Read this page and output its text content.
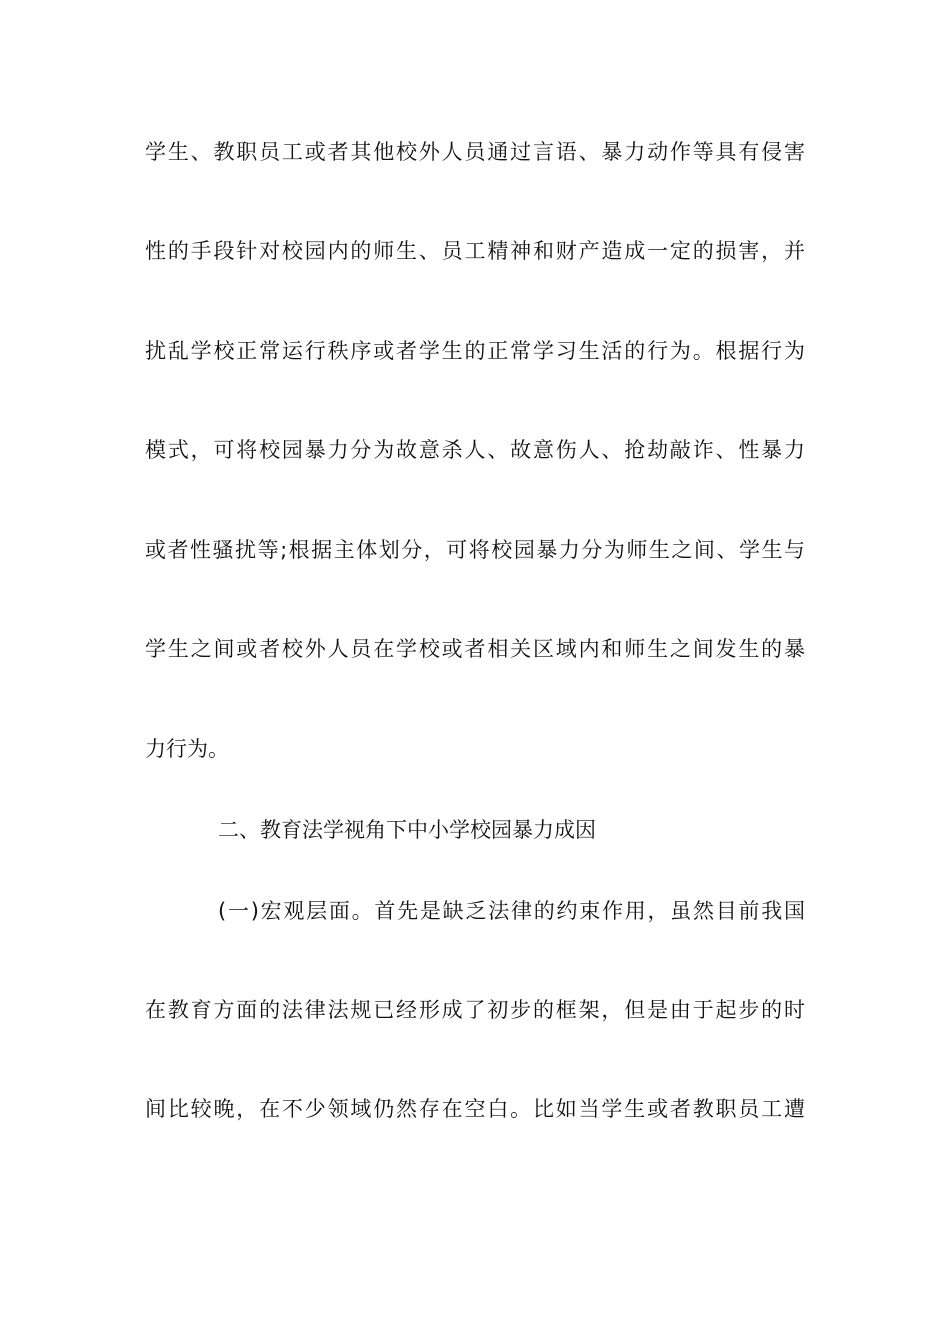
学生、教职员工或者其他校外人员通过言语、暴力动作等具有侵害
性的手段针对校园内的师生、员工精神和财产造成一定的损害，并
扰乱学校正常运行秩序或者学生的正常学习生活的行为。根据行为
模式，可将校园暴力分为故意杀人、故意伤人、抢劫敲诈、性暴力
或者性骚扰等;根据主体划分，可将校园暴力分为师生之间、学生与
学生之间或者校外人员在学校或者相关区域内和师生之间发生的暴
力行为。
二、教育法学视角下中小学校园暴力成因
(一)宏观层面。首先是缺乏法律的约束作用，虽然目前我国
在教育方面的法律法规已经形成了初步的框架，但是由于起步的时
间比较晚，在不少领域仍然存在空白。比如当学生或者教职员工遭
